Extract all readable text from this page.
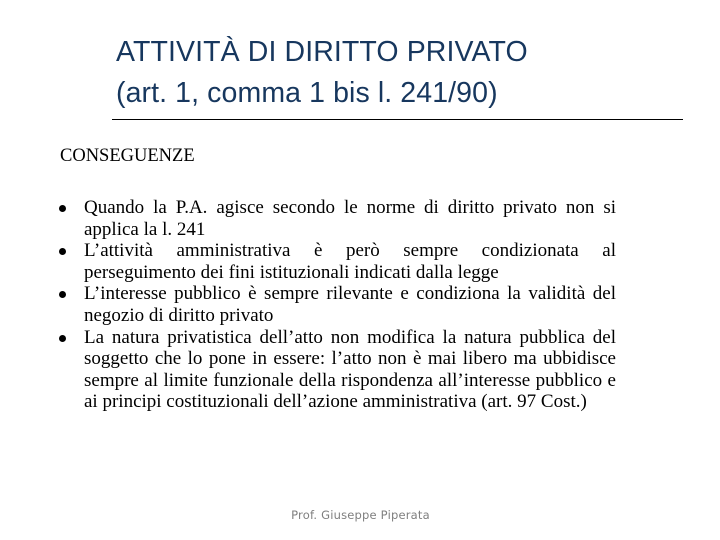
ATTIVITÀ DI DIRITTO PRIVATO
(art. 1, comma 1 bis l. 241/90)
CONSEGUENZE
Quando la P.A. agisce secondo le norme di diritto privato non si applica la l. 241
L’attività amministrativa è però sempre condizionata al perseguimento dei fini istituzionali indicati dalla legge
L’interesse pubblico è sempre rilevante e condiziona la validità del negozio di diritto privato
La natura privatistica dell’atto non modifica la natura pubblica del soggetto che lo pone in essere: l’atto non è mai libero ma ubbidisce sempre al limite funzionale della rispondenza all’interesse pubblico e ai principi costituzionali dell’azione amministrativa (art. 97 Cost.)
Prof. Giuseppe Piperata
